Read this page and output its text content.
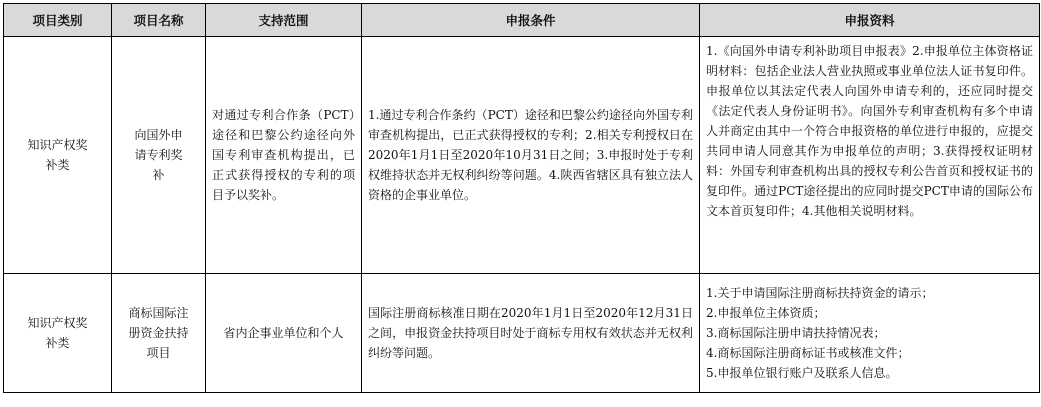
项目类别	项目名称	支持范围	申报条件	申报资料
知识产权奖补类	向国外申请专利奖补	对通过专利合作条（PCT）途径和巴黎公约途径向外国专利审查机构提出，已正式获得授权的专利的项目予以奖补。	1.通过专利合作条约（PCT）途径和巴黎公约途径向外国专利审查机构提出，已正式获得授权的专利；2.相关专利授权日在2020年1月1日至2020年10月31日之间；3.申报时处于专利权维持状态并无权利纠纷等问题。4.陕西省辖区具有独立法人资格的企事业单位。	1.《向国外申请专利补助项目申报表》2.申报单位主体资格证明材料：包括企业法人营业执照或事业单位法人证书复印件。申报单位以其法定代表人向国外申请专利的，还应同时提交《法定代表人身份证明书》。向国外专利审查机构有多个申请人并商定由其中一个符合申报资格的单位进行申报的，应提交共同申请人同意其作为申报单位的声明；3.获得授权证明材料：外国专利审查机构出具的授权专利公告首页和授权证书的复印件。通过PCT途径提出的应同时提交PCT申请的国际公布文本首页复印件；4.其他相关说明材料。
知识产权奖补类	商标国际注册资金扶持项目	省内企事业单位和个人	国际注册商标核准日期在2020年1月1日至2020年12月31日之间，申报资金扶持项目时处于商标专用权有效状态并无权利纠纷等问题。	1.关于申请国际注册商标扶持资金的请示；
2.申报单位主体资质；
3.商标国际注册申请扶持情况表；
4.商标国际注册商标证书或核准文件；
5.申报单位银行账户及联系人信息。
